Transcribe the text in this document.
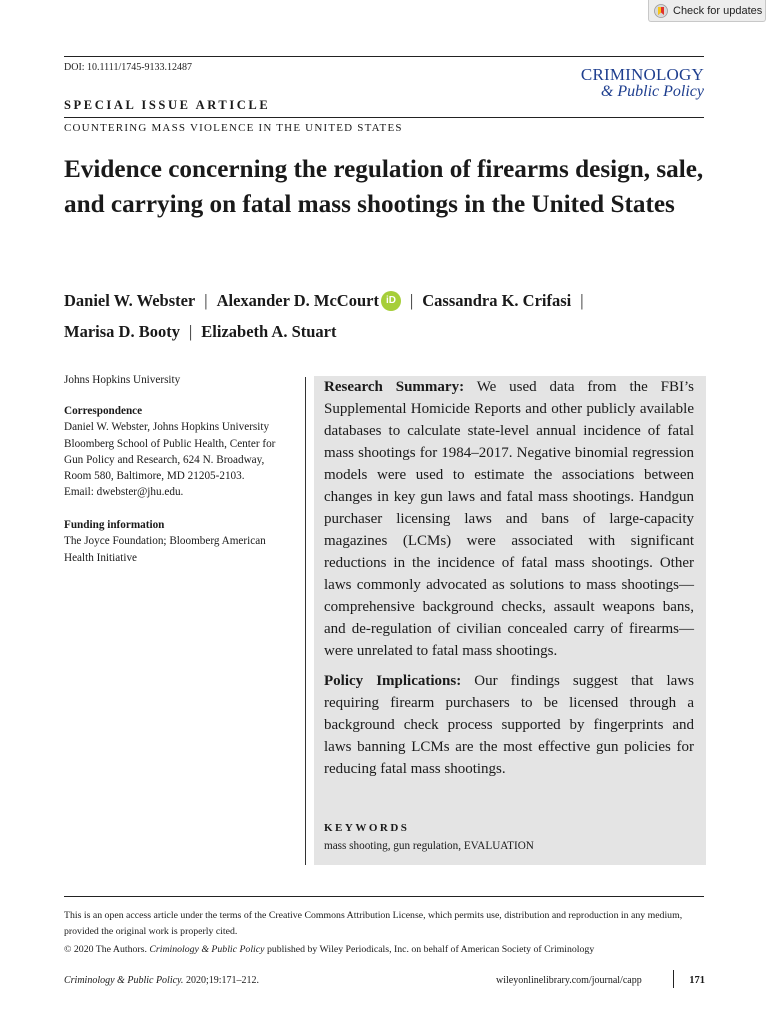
Check for updates
DOI: 10.1111/1745-9133.12487	CRIMINOLOGY
& Public Policy
SPECIAL ISSUE ARTICLE
COUNTERING MASS VIOLENCE IN THE UNITED STATES
Evidence concerning the regulation of firearms design, sale, and carrying on fatal mass shootings in the United States
Daniel W. Webster | Alexander D. McCourt iD | Cassandra K. Crifasi |
Marisa D. Booty | Elizabeth A. Stuart
Johns Hopkins University
Correspondence
Daniel W. Webster, Johns Hopkins University
Bloomberg School of Public Health, Center for
Gun Policy and Research, 624 N. Broadway,
Room 580, Baltimore, MD 21205-2103.
Email: dwebster@jhu.edu.
Funding information
The Joyce Foundation; Bloomberg American
Health Initiative

Research Summary: We used data from the FBI’s Supplemental Homicide Reports and other publicly available databases to calculate state-level annual incidence of fatal mass shootings for 1984–2017. Negative binomial regression models were used to estimate the associations between changes in key gun laws and fatal mass shootings. Handgun purchaser licensing laws and bans of large-capacity magazines (LCMs) were associated with significant reductions in the incidence of fatal mass shootings. Other laws commonly advocated as solutions to mass shootings—comprehensive background checks, assault weapons bans, and de-regulation of civilian concealed carry of firearms—were unrelated to fatal mass shootings.

Policy Implications: Our findings suggest that laws requiring firearm purchasers to be licensed through a background check process supported by fingerprints and laws banning LCMs are the most effective gun policies for reducing fatal mass shootings.

KEYWORDS
mass shooting, gun regulation, EVALUATION
This is an open access article under the terms of the Creative Commons Attribution License, which permits use, distribution and reproduction in any medium, provided the original work is properly cited.
© 2020 The Authors. Criminology & Public Policy published by Wiley Periodicals, Inc. on behalf of American Society of Criminology
Criminology & Public Policy. 2020;19:171–212.	wileyonlinelibrary.com/journal/capp	171
